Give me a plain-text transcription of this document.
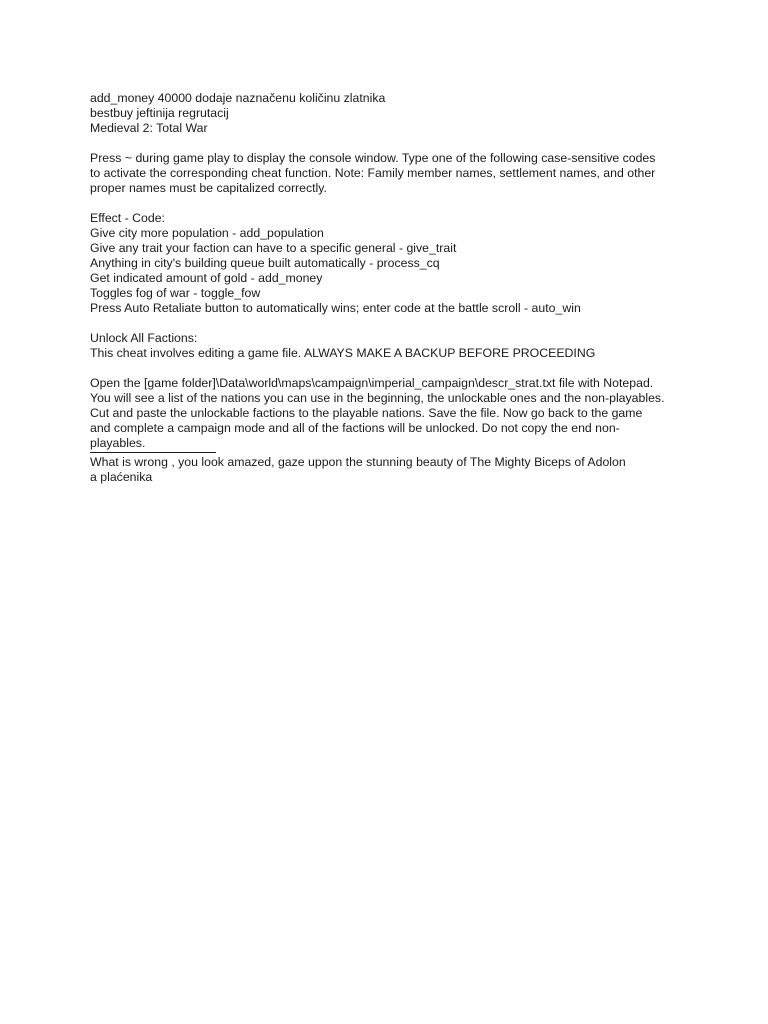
add_money 40000 dodaje naznačenu količinu zlatnika
bestbuy jeftinija regrutacij
Medieval 2: Total War
Press ~ during game play to display the console window. Type one of the following case-sensitive codes
to activate the corresponding cheat function. Note: Family member names, settlement names, and other
proper names must be capitalized correctly.
Effect - Code:
Give city more population - add_population
Give any trait your faction can have to a specific general - give_trait
Anything in city's building queue built automatically - process_cq
Get indicated amount of gold - add_money
Toggles fog of war - toggle_fow
Press Auto Retaliate button to automatically wins; enter code at the battle scroll - auto_win
Unlock All Factions:
This cheat involves editing a game file. ALWAYS MAKE A BACKUP BEFORE PROCEEDING
Open the [game folder]\Data\world\maps\campaign\imperial_campaign\descr_strat.txt file with Notepad.
You will see a list of the nations you can use in the beginning, the unlockable ones and the non-playables.
Cut and paste the unlockable factions to the playable nations. Save the file. Now go back to the game
and complete a campaign mode and all of the factions will be unlocked. Do not copy the end non-
playables.
What is wrong , you look amazed, gaze uppon the stunning beauty of The Mighty Biceps of Adolon
a plaćenika
